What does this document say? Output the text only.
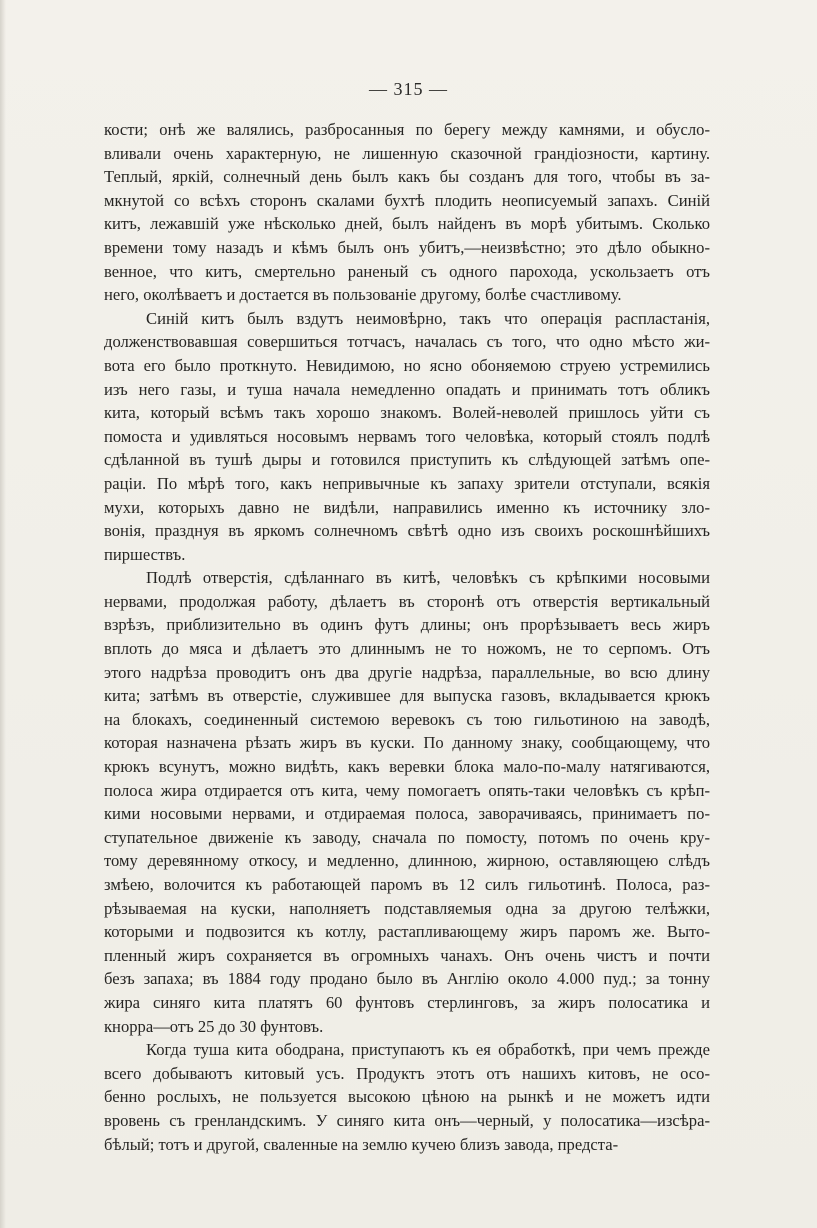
— 315 —

кости; онѣ же валялись, разбросанныя по берегу между камнями, и обусло-
вливали очень характерную, не лишенную сказочной грандіозности, картину.
Теплый, яркій, солнечный день былъ какъ бы созданъ для того, чтобы въ за-
мкнутой со всѣхъ сторонъ скалами бухтѣ плодить неописуемый запахъ. Синій
китъ, лежавшій уже нѣсколько дней, былъ найденъ въ морѣ убитымъ. Сколько
времени тому назадъ и кѣмъ былъ онъ убитъ,—неизвѣстно; это дѣло обыкно-
венное, что китъ, смертельно раненый съ одного парохода, ускользаетъ отъ
него, околѣваетъ и достается въ пользованіе другому, болѣе счастливому.

Синій китъ былъ вздутъ неимовѣрно, такъ что операція распластанія,
долженствовавшая совершиться тотчасъ, началась съ того, что одно мѣсто жи-
вота его было проткнуто. Невидимою, но ясно обоняемою струею устремились
изъ него газы, и туша начала немедленно опадать и принимать тотъ обликъ
кита, который всѣмъ такъ хорошо знакомъ. Волей-неволей пришлось уйти съ
помоста и удивляться носовымъ нервамъ того человѣка, который стоялъ подлѣ
сдѣланной въ тушѣ дыры и готовился приступить къ слѣдующей затѣмъ опе-
раціи. По мѣрѣ того, какъ непривычные къ запаху зрители отступали, всякія
мухи, которыхъ давно не видѣли, направились именно къ источнику зло-
вонія, празднуя въ яркомъ солнечномъ свѣтѣ одно изъ своихъ роскошнѣйшихъ
пиршествъ.

Подлѣ отверстія, сдѣланнаго въ китѣ, человѣкъ съ крѣпкими носовыми
нервами, продолжая работу, дѣлаетъ въ сторонѣ отъ отверстія вертикальный
взрѣзъ, приблизительно въ одинъ футъ длины; онъ прорѣзываетъ весь жиръ
вплоть до мяса и дѣлаетъ это длиннымъ не то ножомъ, не то серпомъ. Отъ
этого надрѣза проводитъ онъ два другіе надрѣза, параллельные, во всю длину
кита; затѣмъ въ отверстіе, служившее для выпуска газовъ, вкладывается крюкъ
на блокахъ, соединенный системою веревокъ съ тою гильотиною на заводѣ,
которая назначена рѣзать жиръ въ куски. По данному знаку, сообщающему, что
крюкъ всунутъ, можно видѣть, какъ веревки блока мало-по-малу натягиваются,
полоса жира отдирается отъ кита, чему помогаетъ опять-таки человѣкъ съ крѣп-
кими носовыми нервами, и отдираемая полоса, заворачиваясь, принимаетъ по-
ступательное движеніе къ заводу, сначала по помосту, потомъ по очень кру-
тому деревянному откосу, и медленно, длинною, жирною, оставляющею слѣдъ
змѣею, волочится къ работающей паромъ въ 12 силъ гильотинѣ. Полоса, раз-
рѣзываемая на куски, наполняетъ подставляемыя одна за другою телѣжки,
которыми и подвозится къ котлу, растапливающему жиръ паромъ же. Выто-
пленный жиръ сохраняется въ огромныхъ чанахъ. Онъ очень чистъ и почти
безъ запаха; въ 1884 году продано было въ Англію около 4.000 пуд.; за тонну
жира синяго кита платятъ 60 фунтовъ стерлинговъ, за жиръ полосатика и
кнорра—отъ 25 до 30 фунтовъ.

Когда туша кита ободрана, приступаютъ къ ея обработкѣ, при чемъ прежде
всего добываютъ китовый усъ. Продуктъ этотъ отъ нашихъ китовъ, не осо-
бенно рослыхъ, не пользуется высокою цѣною на рынкѣ и не можетъ идти
вровень съ гренландскимъ. У синяго кита онъ—черный, у полосатика—изсѣра-
бѣлый; тотъ и другой, сваленные на землю кучею близъ завода, предста-
